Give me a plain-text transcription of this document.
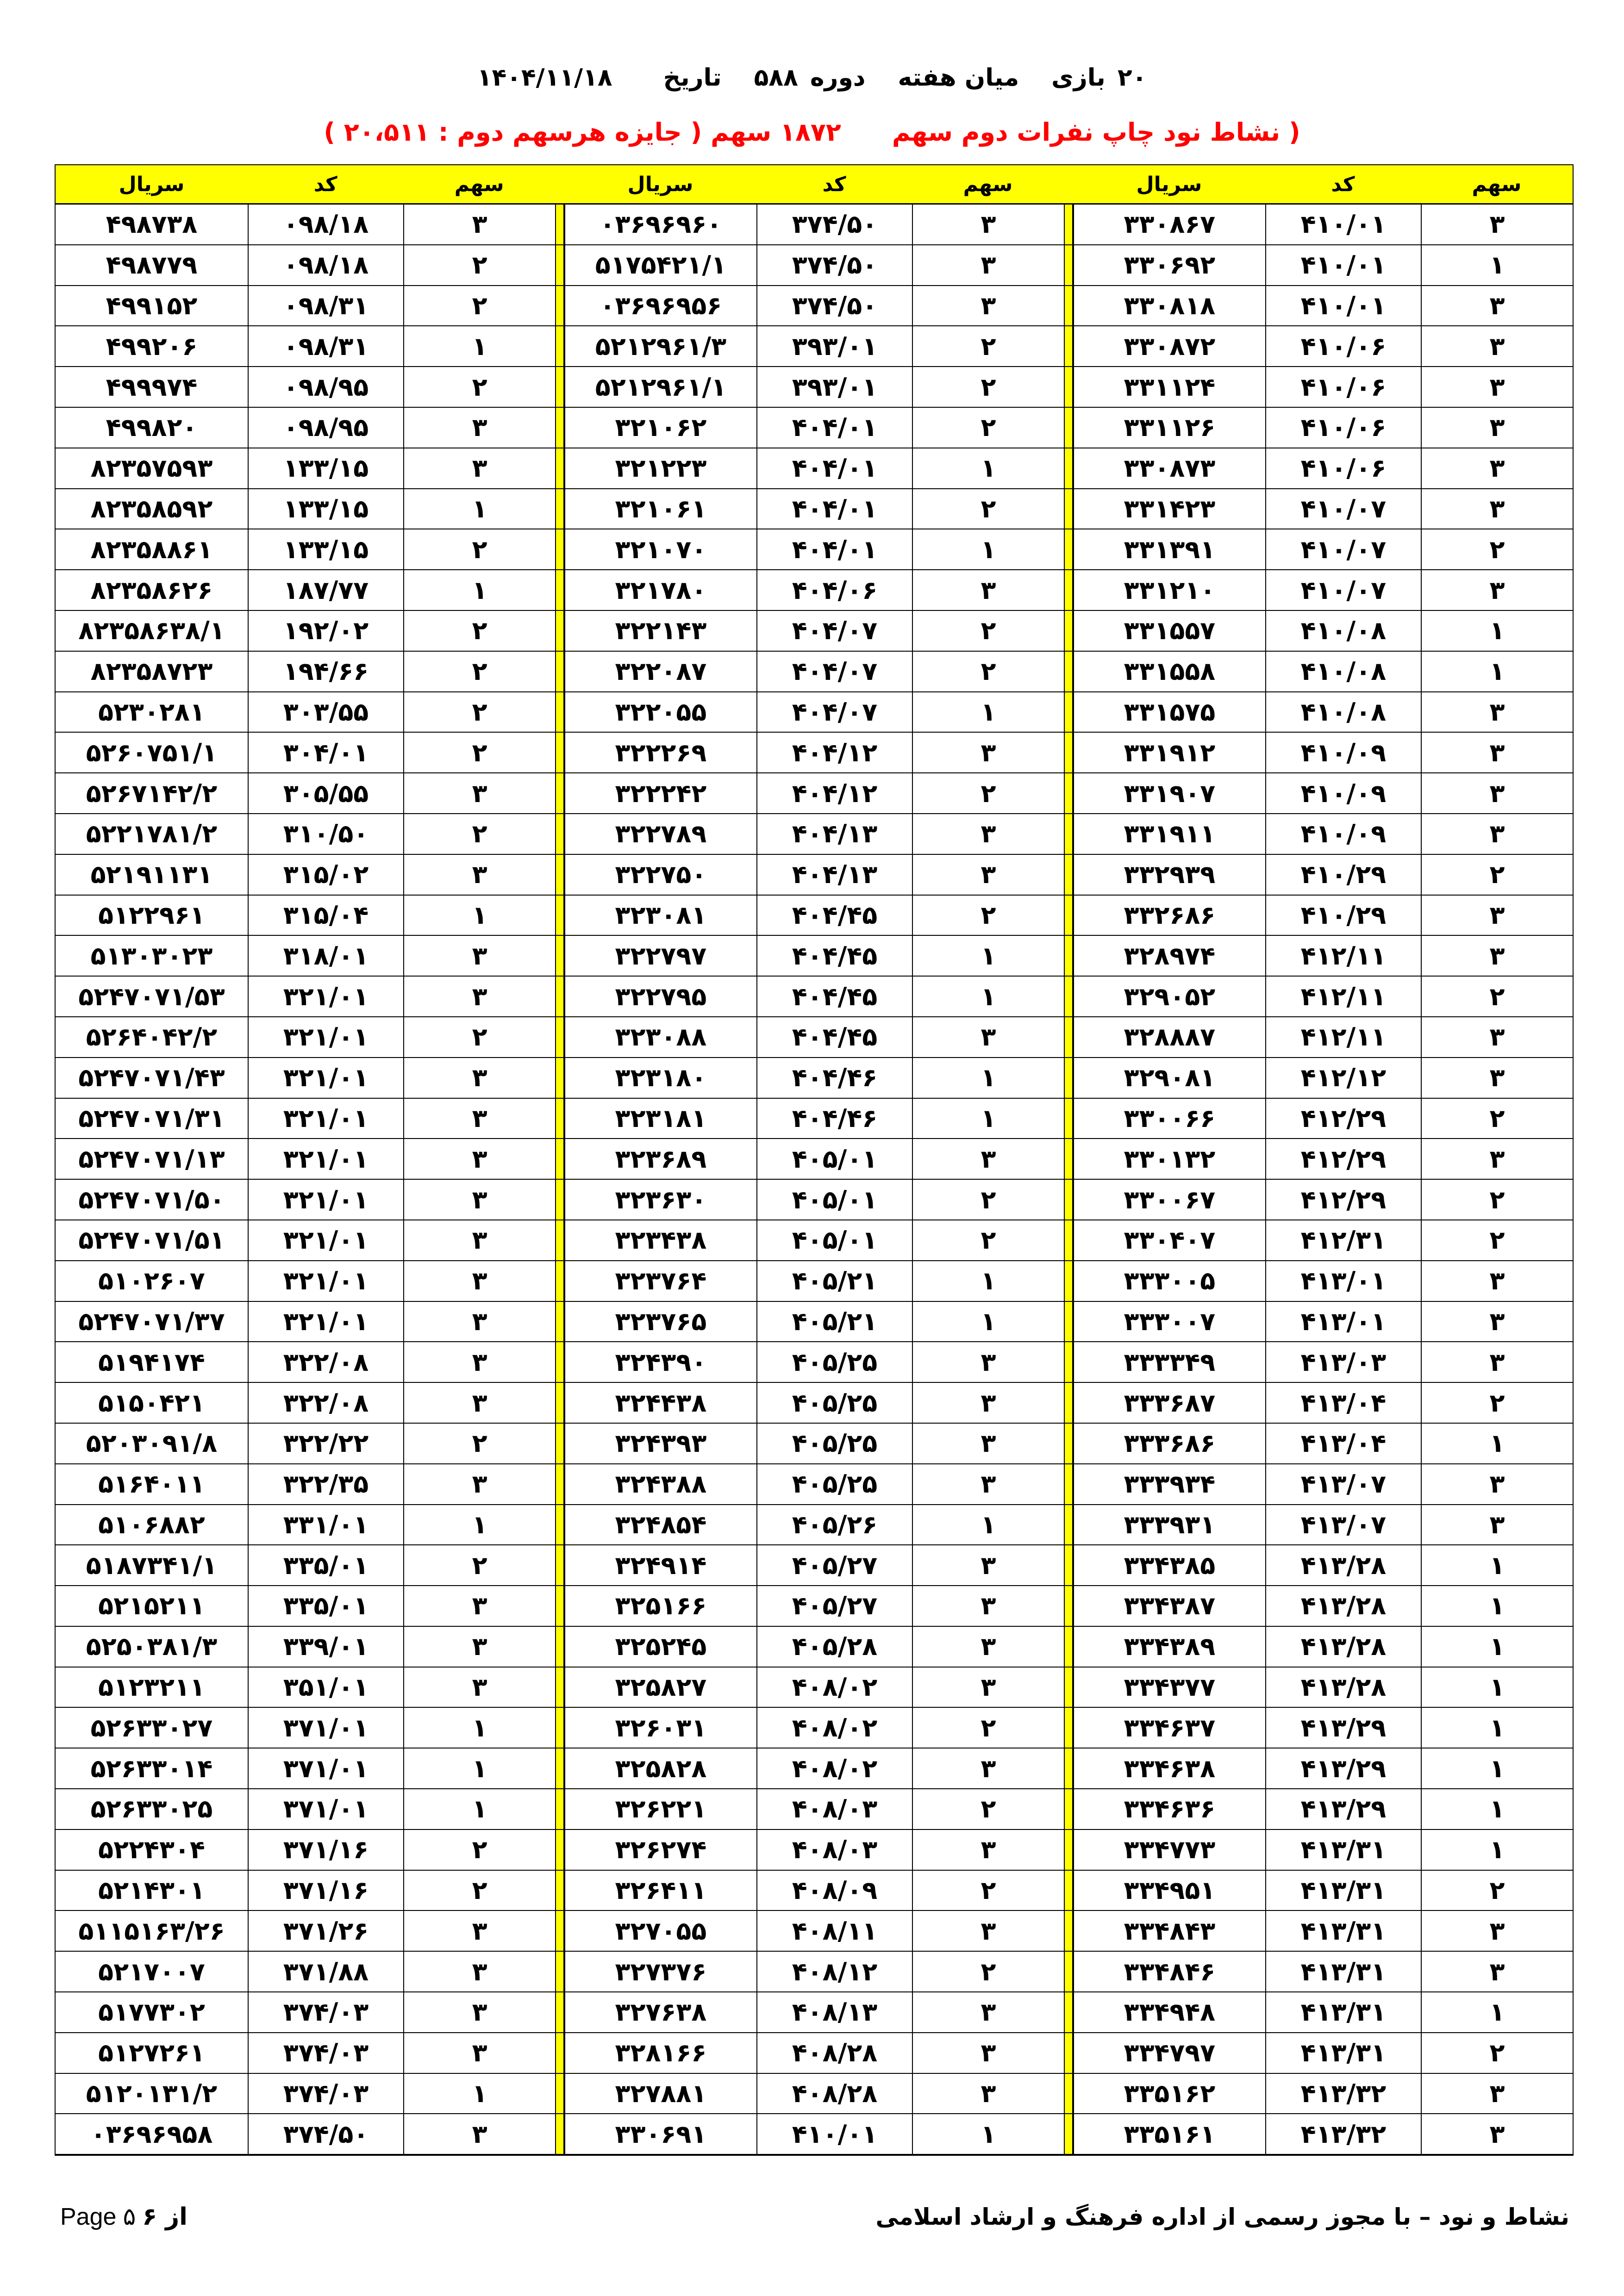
۲۰
بازی
میان هفته
دوره
۵۸۸
تاریخ
۱۴۰۴/۱۱/۱۸
( نشاط نود چاپ نفرات دوم سهم
۱۸۷۲ سهم ( جایزه هرسهم دوم : ۲۰،۵۱۱ )
سهم
کد
سریال
سهم
کد
سریال
سهم
کد
سریال
۳
۴۱۰/۰۱
۳۳۰۸۶۷
۳
۳۷۴/۵۰
۰۳۶۹۶۹۶۰
۳
۰۹۸/۱۸
۴۹۸۷۳۸
۱
۴۱۰/۰۱
۳۳۰۶۹۲
۳
۳۷۴/۵۰
۵۱۷۵۴۲۱/۱
۲
۰۹۸/۱۸
۴۹۸۷۷۹
۳
۴۱۰/۰۱
۳۳۰۸۱۸
۳
۳۷۴/۵۰
۰۳۶۹۶۹۵۶
۲
۰۹۸/۳۱
۴۹۹۱۵۲
۳
۴۱۰/۰۶
۳۳۰۸۷۲
۲
۳۹۳/۰۱
۵۲۱۲۹۶۱/۳
۱
۰۹۸/۳۱
۴۹۹۲۰۶
۳
۴۱۰/۰۶
۳۳۱۱۲۴
۲
۳۹۳/۰۱
۵۲۱۲۹۶۱/۱
۲
۰۹۸/۹۵
۴۹۹۹۷۴
۳
۴۱۰/۰۶
۳۳۱۱۲۶
۲
۴۰۴/۰۱
۳۲۱۰۶۲
۳
۰۹۸/۹۵
۴۹۹۸۲۰
۳
۴۱۰/۰۶
۳۳۰۸۷۳
۱
۴۰۴/۰۱
۳۲۱۲۲۳
۳
۱۳۳/۱۵
۸۲۳۵۷۵۹۳
۳
۴۱۰/۰۷
۳۳۱۴۲۳
۲
۴۰۴/۰۱
۳۲۱۰۶۱
۱
۱۳۳/۱۵
۸۲۳۵۸۵۹۲
۲
۴۱۰/۰۷
۳۳۱۳۹۱
۱
۴۰۴/۰۱
۳۲۱۰۷۰
۲
۱۳۳/۱۵
۸۲۳۵۸۸۶۱
۳
۴۱۰/۰۷
۳۳۱۲۱۰
۳
۴۰۴/۰۶
۳۲۱۷۸۰
۱
۱۸۷/۷۷
۸۲۳۵۸۶۲۶
۱
۴۱۰/۰۸
۳۳۱۵۵۷
۲
۴۰۴/۰۷
۳۲۲۱۴۳
۲
۱۹۲/۰۲
۸۲۳۵۸۶۳۸/۱
۱
۴۱۰/۰۸
۳۳۱۵۵۸
۲
۴۰۴/۰۷
۳۲۲۰۸۷
۲
۱۹۴/۶۶
۸۲۳۵۸۷۲۳
۳
۴۱۰/۰۸
۳۳۱۵۷۵
۱
۴۰۴/۰۷
۳۲۲۰۵۵
۲
۳۰۳/۵۵
۵۲۳۰۲۸۱
۳
۴۱۰/۰۹
۳۳۱۹۱۲
۳
۴۰۴/۱۲
۳۲۲۲۶۹
۲
۳۰۴/۰۱
۵۲۶۰۷۵۱/۱
۳
۴۱۰/۰۹
۳۳۱۹۰۷
۲
۴۰۴/۱۲
۳۲۲۲۴۲
۳
۳۰۵/۵۵
۵۲۶۷۱۴۲/۲
۳
۴۱۰/۰۹
۳۳۱۹۱۱
۳
۴۰۴/۱۳
۳۲۲۷۸۹
۲
۳۱۰/۵۰
۵۲۲۱۷۸۱/۲
۲
۴۱۰/۲۹
۳۳۲۹۳۹
۳
۴۰۴/۱۳
۳۲۲۷۵۰
۳
۳۱۵/۰۲
۵۲۱۹۱۱۳۱
۳
۴۱۰/۲۹
۳۳۲۶۸۶
۲
۴۰۴/۴۵
۳۲۳۰۸۱
۱
۳۱۵/۰۴
۵۱۲۲۹۶۱
۳
۴۱۲/۱۱
۳۲۸۹۷۴
۱
۴۰۴/۴۵
۳۲۲۷۹۷
۳
۳۱۸/۰۱
۵۱۳۰۳۰۲۳
۲
۴۱۲/۱۱
۳۲۹۰۵۲
۱
۴۰۴/۴۵
۳۲۲۷۹۵
۳
۳۲۱/۰۱
۵۲۴۷۰۷۱/۵۳
۳
۴۱۲/۱۱
۳۲۸۸۸۷
۳
۴۰۴/۴۵
۳۲۳۰۸۸
۲
۳۲۱/۰۱
۵۲۶۴۰۴۲/۲
۳
۴۱۲/۱۲
۳۲۹۰۸۱
۱
۴۰۴/۴۶
۳۲۳۱۸۰
۳
۳۲۱/۰۱
۵۲۴۷۰۷۱/۴۳
۲
۴۱۲/۲۹
۳۳۰۰۶۶
۱
۴۰۴/۴۶
۳۲۳۱۸۱
۳
۳۲۱/۰۱
۵۲۴۷۰۷۱/۳۱
۳
۴۱۲/۲۹
۳۳۰۱۳۲
۳
۴۰۵/۰۱
۳۲۳۶۸۹
۳
۳۲۱/۰۱
۵۲۴۷۰۷۱/۱۳
۲
۴۱۲/۲۹
۳۳۰۰۶۷
۲
۴۰۵/۰۱
۳۲۳۶۳۰
۳
۳۲۱/۰۱
۵۲۴۷۰۷۱/۵۰
۲
۴۱۲/۳۱
۳۳۰۴۰۷
۲
۴۰۵/۰۱
۳۲۳۴۳۸
۳
۳۲۱/۰۱
۵۲۴۷۰۷۱/۵۱
۳
۴۱۳/۰۱
۳۳۳۰۰۵
۱
۴۰۵/۲۱
۳۲۳۷۶۴
۳
۳۲۱/۰۱
۵۱۰۲۶۰۷
۳
۴۱۳/۰۱
۳۳۳۰۰۷
۱
۴۰۵/۲۱
۳۲۳۷۶۵
۳
۳۲۱/۰۱
۵۲۴۷۰۷۱/۳۷
۳
۴۱۳/۰۳
۳۳۳۳۴۹
۳
۴۰۵/۲۵
۳۲۴۳۹۰
۳
۳۲۲/۰۸
۵۱۹۴۱۷۴
۲
۴۱۳/۰۴
۳۳۳۶۸۷
۳
۴۰۵/۲۵
۳۲۴۴۳۸
۳
۳۲۲/۰۸
۵۱۵۰۴۲۱
۱
۴۱۳/۰۴
۳۳۳۶۸۶
۳
۴۰۵/۲۵
۳۲۴۳۹۳
۲
۳۲۲/۲۲
۵۲۰۳۰۹۱/۸
۳
۴۱۳/۰۷
۳۳۳۹۳۴
۳
۴۰۵/۲۵
۳۲۴۳۸۸
۳
۳۲۲/۳۵
۵۱۶۴۰۱۱
۳
۴۱۳/۰۷
۳۳۳۹۳۱
۱
۴۰۵/۲۶
۳۲۴۸۵۴
۱
۳۳۱/۰۱
۵۱۰۶۸۸۲
۱
۴۱۳/۲۸
۳۳۴۳۸۵
۳
۴۰۵/۲۷
۳۲۴۹۱۴
۲
۳۳۵/۰۱
۵۱۸۷۳۴۱/۱
۱
۴۱۳/۲۸
۳۳۴۳۸۷
۳
۴۰۵/۲۷
۳۲۵۱۶۶
۳
۳۳۵/۰۱
۵۲۱۵۲۱۱
۱
۴۱۳/۲۸
۳۳۴۳۸۹
۳
۴۰۵/۲۸
۳۲۵۲۴۵
۳
۳۳۹/۰۱
۵۲۵۰۳۸۱/۳
۱
۴۱۳/۲۸
۳۳۴۳۷۷
۳
۴۰۸/۰۲
۳۲۵۸۲۷
۳
۳۵۱/۰۱
۵۱۲۳۲۱۱
۱
۴۱۳/۲۹
۳۳۴۶۳۷
۲
۴۰۸/۰۲
۳۲۶۰۳۱
۱
۳۷۱/۰۱
۵۲۶۳۳۰۲۷
۱
۴۱۳/۲۹
۳۳۴۶۳۸
۳
۴۰۸/۰۲
۳۲۵۸۲۸
۱
۳۷۱/۰۱
۵۲۶۳۳۰۱۴
۱
۴۱۳/۲۹
۳۳۴۶۳۶
۲
۴۰۸/۰۳
۳۲۶۲۲۱
۱
۳۷۱/۰۱
۵۲۶۳۳۰۲۵
۱
۴۱۳/۳۱
۳۳۴۷۷۳
۳
۴۰۸/۰۳
۳۲۶۲۷۴
۲
۳۷۱/۱۶
۵۲۲۴۳۰۴
۲
۴۱۳/۳۱
۳۳۴۹۵۱
۲
۴۰۸/۰۹
۳۲۶۴۱۱
۲
۳۷۱/۱۶
۵۲۱۴۳۰۱
۳
۴۱۳/۳۱
۳۳۴۸۴۳
۳
۴۰۸/۱۱
۳۲۷۰۵۵
۳
۳۷۱/۲۶
۵۱۱۵۱۶۳/۲۶
۳
۴۱۳/۳۱
۳۳۴۸۴۶
۲
۴۰۸/۱۲
۳۲۷۳۷۶
۳
۳۷۱/۸۸
۵۲۱۷۰۰۷
۱
۴۱۳/۳۱
۳۳۴۹۴۸
۳
۴۰۸/۱۳
۳۲۷۶۳۸
۳
۳۷۴/۰۳
۵۱۷۷۳۰۲
۲
۴۱۳/۳۱
۳۳۴۷۹۷
۳
۴۰۸/۲۸
۳۲۸۱۶۶
۳
۳۷۴/۰۳
۵۱۲۷۲۶۱
۳
۴۱۳/۳۲
۳۳۵۱۶۲
۳
۴۰۸/۲۸
۳۲۷۸۸۱
۱
۳۷۴/۰۳
۵۱۲۰۱۳۱/۲
۳
۴۱۳/۳۲
۳۳۵۱۶۱
۱
۴۱۰/۰۱
۳۳۰۶۹۱
۳
۳۷۴/۵۰
۰۳۶۹۶۹۵۸
Page ۵ از ۶	نشاط و نود – با مجوز رسمی از اداره فرهنگ و ارشاد اسلامی
